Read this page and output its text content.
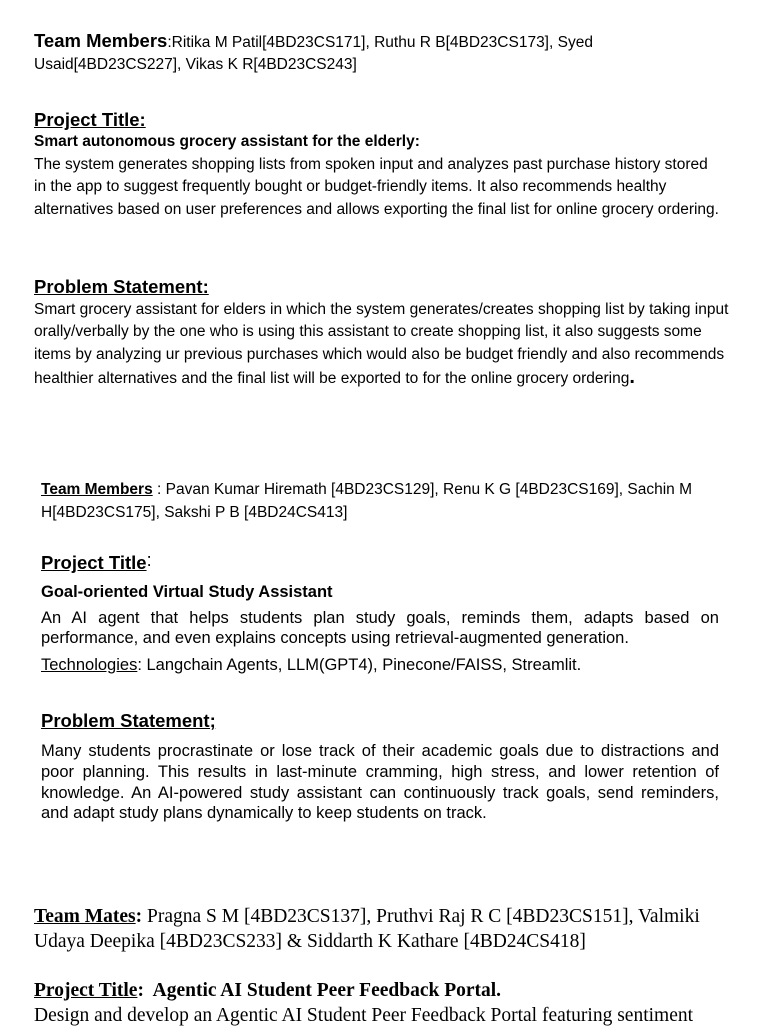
Team Members:Ritika M Patil[4BD23CS171], Ruthu R B[4BD23CS173], Syed Usaid[4BD23CS227], Vikas K R[4BD23CS243]
Project Title:
Smart autonomous grocery assistant for the elderly:
The system generates shopping lists from spoken input and analyzes past purchase history stored in the app to suggest frequently bought or budget-friendly items. It also recommends healthy alternatives based on user preferences and allows exporting the final list for online grocery ordering.
Problem Statement:
Smart grocery assistant for elders in which the system generates/creates shopping list by taking input orally/verbally by the one who is using this assistant to create shopping list, it also suggests some items by analyzing ur previous purchases which would also be budget friendly and also recommends healthier alternatives and the final list will be exported to for the online grocery ordering.
Team Members : Pavan Kumar Hiremath [4BD23CS129], Renu K G [4BD23CS169], Sachin M H[4BD23CS175], Sakshi P B [4BD24CS413]
Project Title:
Goal-oriented Virtual Study Assistant
An AI agent that helps students plan study goals, reminds them, adapts based on performance, and even explains concepts using retrieval-augmented generation.
Technologies: Langchain Agents, LLM(GPT4), Pinecone/FAISS, Streamlit.
Problem Statement;
Many students procrastinate or lose track of their academic goals due to distractions and poor planning. This results in last-minute cramming, high stress, and lower retention of knowledge. An AI-powered study assistant can continuously track goals, send reminders, and adapt study plans dynamically to keep students on track.
Team Mates: Pragna S M [4BD23CS137], Pruthvi Raj R C [4BD23CS151], Valmiki Udaya Deepika [4BD23CS233] & Siddarth K Kathare [4BD24CS418]
Project Title:  Agentic AI Student Peer Feedback Portal.
Design and develop an Agentic AI Student Peer Feedback Portal featuring sentiment
